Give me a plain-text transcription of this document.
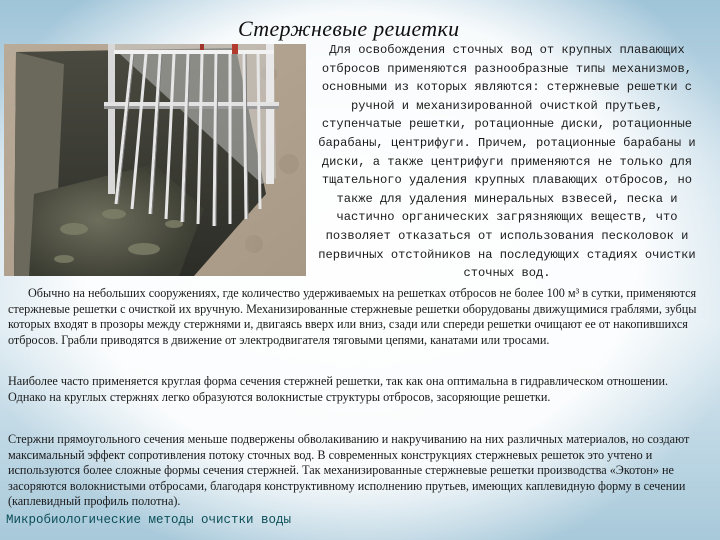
Стержневые решетки

Для освобождения сточных вод от крупных плавающих отбросов применяются разнообразные типы механизмов, основными из которых являются: стержневые решетки с ручной и механизированной очисткой прутьев, ступенчатые решетки, ротационные диски, ротационные барабаны, центрифуги. Причем, ротационные барабаны и диски, а также центрифуги применяются не только для тщательного удаления крупных плавающих отбросов, но также для удаления минеральных взвесей, песка и частично органических загрязняющих веществ, что позволяет отказаться от использования песколовок и первичных отстойников на последующих стадиях очистки сточных вод.

Обычно на небольших сооружениях, где количество удерживаемых на решетках отбросов не более 100 м³ в сутки, применяются стержневые решетки с очисткой их вручную. Механизированные стержневые решетки оборудованы движущимися граблями, зубцы которых входят в прозоры между стержнями и, двигаясь вверх или вниз, сзади или спереди решетки очищают ее от накопившихся отбросов. Грабли приводятся в движение от электродвигателя тяговыми цепями, канатами или тросами.

Наиболее часто применяется круглая форма сечения стержней решетки, так как она оптимальна в гидравлическом отношении. Однако на круглых стержнях легко образуются волокнистые структуры отбросов, засоряющие решетки.

Стержни прямоугольного сечения меньше подвержены обволакиванию и накручиванию на них различных материалов, но создают максимальный эффект сопротивления потоку сточных вод. В современных конструкциях стержневых решеток это учтено и используются более сложные формы сечения стержней. Так механизированные стержневые решетки производства «Экотон» не засоряются волокнистыми отбросами, благодаря конструктивному исполнению прутьев, имеющих каплевидную форму в сечении (каплевидный профиль полотна).

Микробиологические методы очистки воды
